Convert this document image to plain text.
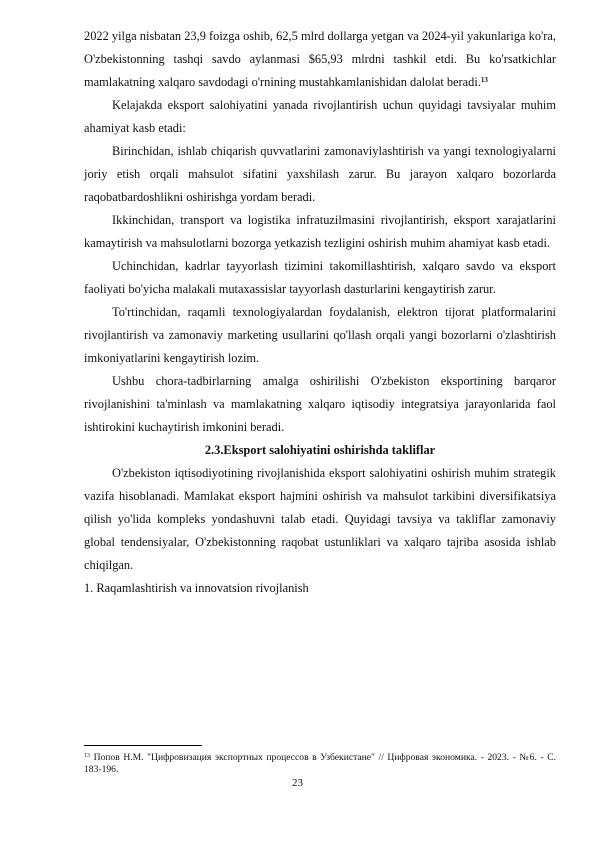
2022 yilga nisbatan 23,9 foizga oshib, 62,5 mlrd dollarga yetgan va 2024-yil yakunlariga ko'ra, O'zbekistonning tashqi savdo aylanmasi $65,93 mlrdni tashkil etdi. Bu ko'rsatkichlar mamlakatning xalqaro savdodagi o'rnining mustahkamlanishidan dalolat beradi.$^{13}$

Kelajakda eksport salohiyatini yanada rivojlantirish uchun quyidagi tavsiyalar muhim ahamiyat kasb etadi:

Birinchidan, ishlab chiqarish quvvatlarini zamonaviylashtirish va yangi texnologiyalarni joriy etish orqali mahsulot sifatini yaxshilash zarur. Bu jarayon xalqaro bozorlarda raqobatbardoshlikni oshirishga yordam beradi.

Ikkinchidan, transport va logistika infratuzilmasini rivojlantirish, eksport xarajatlarini kamaytirish va mahsulotlarni bozorga yetkazish tezligini oshirish muhim ahamiyat kasb etadi.

Uchinchidan, kadrlar tayyorlash tizimini takomillashtirish, xalqaro savdo va eksport faoliyati bo'yicha malakali mutaxassislar tayyorlash dasturlarini kengaytirish zarur.

To'rtinchidan, raqamli texnologiyalardan foydalanish, elektron tijorat platformalarini rivojlantirish va zamonaviy marketing usullarini qo'llash orqali yangi bozorlarni o'zlashtirish imkoniyatlarini kengaytirish lozim.

Ushbu chora-tadbirlarning amalga oshirilishi O'zbekiston eksportining barqaror rivojlanishini ta'minlash va mamlakatning xalqaro iqtisodiy integratsiya jarayonlarida faol ishtirokini kuchaytirish imkonini beradi.

2.3.Eksport salohiyatini oshirishda takliflar

O'zbekiston iqtisodiyotining rivojlanishida eksport salohiyatini oshirish muhim strategik vazifa hisoblanadi. Mamlakat eksport hajmini oshirish va mahsulot tarkibini diversifikatsiya qilish yo'lida kompleks yondashuvni talab etadi. Quyidagi tavsiya va takliflar zamonaviy global tendensiyalar, O'zbekistonning raqobat ustunliklari va xalqaro tajriba asosida ishlab chiqilgan.

1. Raqamlashtirish va innovatsion rivojlanish

$^{13}$ Попов Н.М. "Цифровизация экспортных процессов в Узбекистане" // Цифровая экономика. - 2023. - №6. - С. 183-196.

23
